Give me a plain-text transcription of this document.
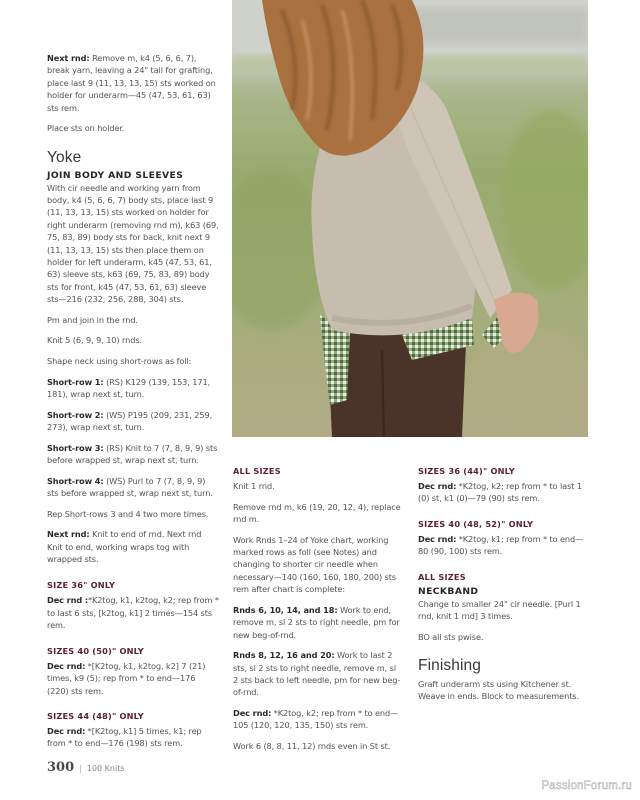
Next rnd: Remove m, k4 (5, 6, 6, 7), break yarn, leaving a 24" tail for grafting, place last 9 (11, 13, 13, 15) sts worked on holder for underarm—45 (47, 53, 61, 63) sts rem.

Place sts on holder.

Yoke
JOIN BODY AND SLEEVES

With cir needle and working yarn from body, k4 (5, 6, 6, 7) body sts, place last 9 (11, 13, 13, 15) sts worked on holder for right underarm (removing rnd m), k63 (69, 75, 83, 89) body sts for back, knit next 9 (11, 13, 13, 15) sts then place them on holder for left underarm, k45 (47, 53, 61, 63) sleeve sts, k63 (69, 75, 83, 89) body sts for front, k45 (47, 53, 61, 63) sleeve sts—216 (232, 256, 288, 304) sts.

Pm and join in the rnd.

Knit 5 (6, 9, 9, 10) rnds.

Shape neck using short-rows as foll:

Short-row 1: (RS) K129 (139, 153, 171, 181), wrap next st, turn.

Short-row 2: (WS) P195 (209, 231, 259, 273), wrap next st, turn.

Short-row 3: (RS) Knit to 7 (7, 8, 9, 9) sts before wrapped st, wrap next st, turn.

Short-row 4: (WS) Purl to 7 (7, 8, 9, 9) sts before wrapped st, wrap next st, turn.

Rep Short-rows 3 and 4 two more times.

Next rnd: Knit to end of rnd. Next rnd Knit to end, working wraps tog with wrapped sts.

SIZE 36" ONLY

Dec rnd :*K2tog, k1, k2tog, k2; rep from * to last 6 sts, [k2tog, k1] 2 times—154 sts rem.

SIZES 40 (50)" ONLY

Dec rnd: *[K2tog, k1, k2tog, k2] 7 (21) times, k9 (5); rep from * to end—176 (220) sts rem.

SIZES 44 (48)" ONLY

Dec rnd: *[K2tog, k1] 5 times, k1; rep from * to end—176 (198) sts rem.

ALL SIZES

Knit 1 rnd.

Remove rnd m, k6 (19, 20, 12, 4), replace rnd m.

Work Rnds 1–24 of Yoke chart, working marked rows as foll (see Notes) and changing to shorter cir needle when necessary—140 (160, 160, 180, 200) sts rem after chart is complete:

Rnds 6, 10, 14, and 18: Work to end, remove m, sl 2 sts to right needle, pm for new beg-of-rnd.

Rnds 8, 12, 16 and 20: Work to last 2 sts, sl 2 sts to right needle, remove m, sl 2 sts back to left needle, pm for new beg-of-rnd.

Dec rnd: *K2tog, k2; rep from * to end—105 (120, 120, 135, 150) sts rem.

Work 6 (8, 8, 11, 12) rnds even in St st.

SIZES 36 (44)" ONLY

Dec rnd: *K2tog, k2; rep from * to last 1 (0) st, k1 (0)—79 (90) sts rem.

SIZES 40 (48, 52)" ONLY

Dec rnd: *K2tog, k1; rep from * to end—80 (90, 100) sts rem.

ALL SIZES
NECKBAND

Change to smaller 24" cir needle. [Purl 1 rnd, knit 1 rnd] 3 times.

BO all sts pwise.

Finishing

Graft underarm sts using Kitchener st. Weave in ends. Block to measurements.

300 | 100 Knits
PassionForum.ru
